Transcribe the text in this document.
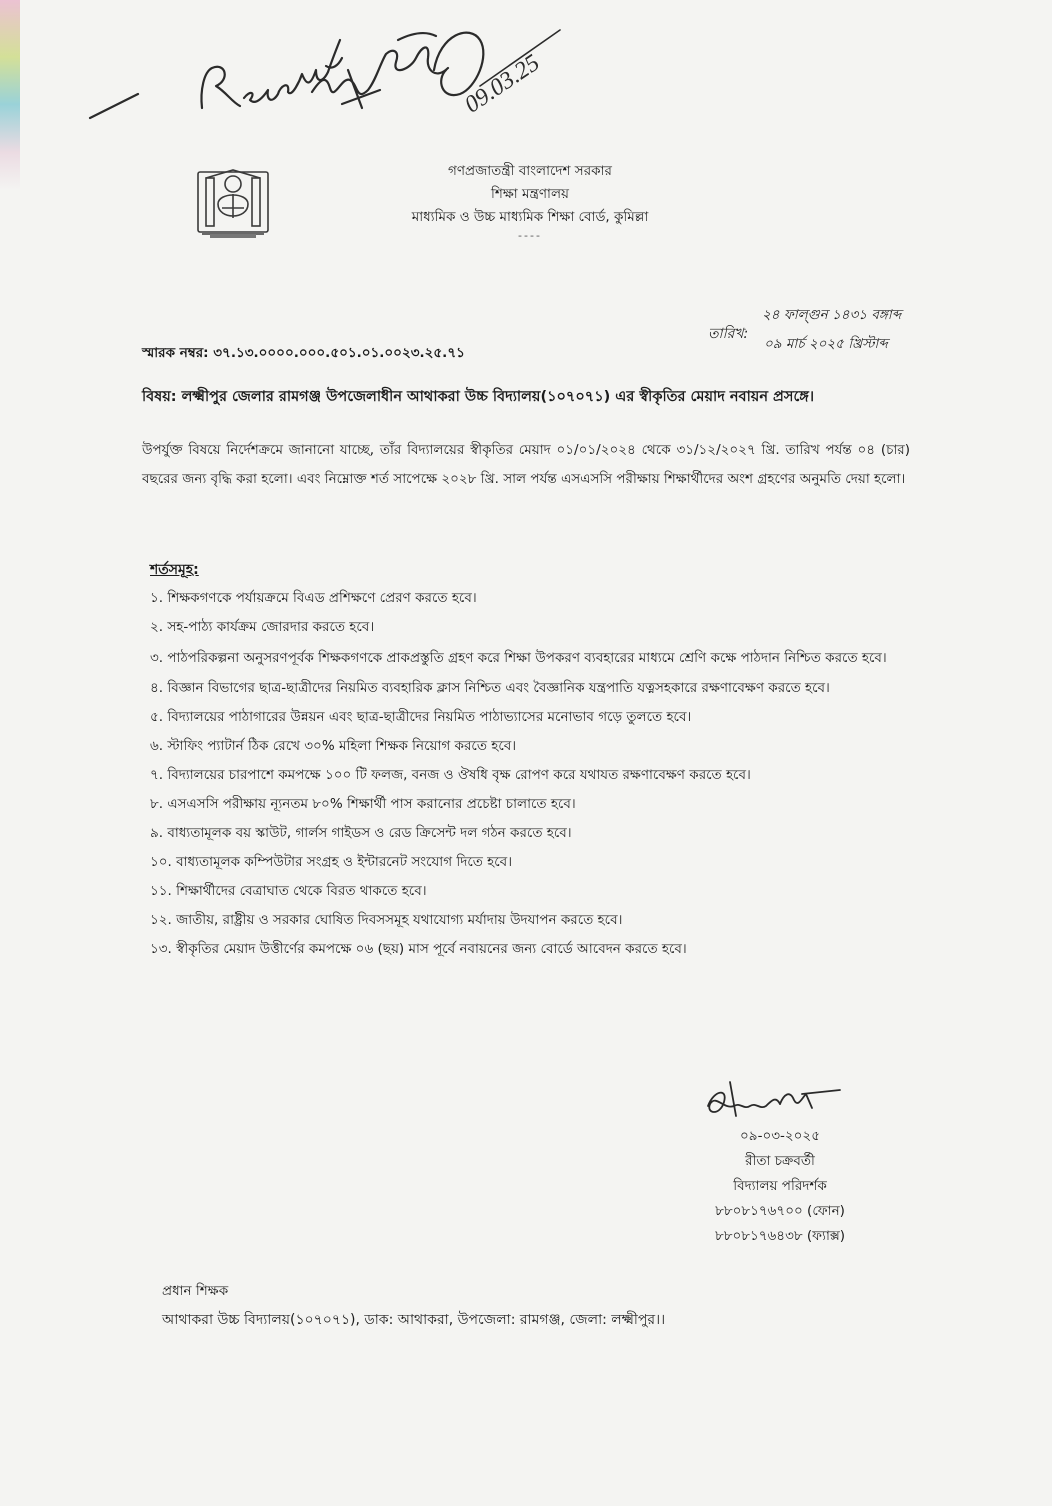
09.03.25
Received
গণপ্রজাতন্ত্রী বাংলাদেশ সরকার
শিক্ষা মন্ত্রণালয়
মাধ্যমিক ও উচ্চ মাধ্যমিক শিক্ষা বোর্ড, কুমিল্লা
----
২৪ ফাল্গুন ১৪৩১ বঙ্গাব্দ
তারিখ:
০৯ মার্চ ২০২৫ খ্রিস্টাব্দ
স্মারক নম্বর: ৩৭.১৩.০০০০.০০০.৫০১.০১.০০২৩.২৫.৭১
বিষয়: লক্ষ্মীপুর জেলার রামগঞ্জ উপজেলাধীন আথাকরা উচ্চ বিদ্যালয়(১০৭০৭১) এর স্বীকৃতির মেয়াদ নবায়ন প্রসঙ্গে।
উপর্যুক্ত বিষয়ে নির্দেশক্রমে জানানো যাচ্ছে, তাঁর বিদ্যালয়ের স্বীকৃতির মেয়াদ ০১/০১/২০২৪ থেকে ৩১/১২/২০২৭ খ্রি. তারিখ পর্যন্ত ০৪ (চার) বছরের জন্য বৃদ্ধি করা হলো। এবং নিম্নোক্ত শর্ত সাপেক্ষে ২০২৮ খ্রি. সাল পর্যন্ত এসএসসি পরীক্ষায় শিক্ষার্থীদের অংশ গ্রহণের অনুমতি দেয়া হলো।
শর্তসমূহ:
১. শিক্ষকগণকে পর্যায়ক্রমে বিএড প্রশিক্ষণে প্রেরণ করতে হবে।
২. সহ-পাঠ্য কার্যক্রম জোরদার করতে হবে।
৩. পাঠপরিকল্পনা অনুসরণপূর্বক শিক্ষকগণকে প্রাকপ্রস্তুতি গ্রহণ করে শিক্ষা উপকরণ ব্যবহারের মাধ্যমে শ্রেণি কক্ষে পাঠদান নিশ্চিত করতে হবে।
৪. বিজ্ঞান বিভাগের ছাত্র-ছাত্রীদের নিয়মিত ব্যবহারিক ক্লাস নিশ্চিত এবং বৈজ্ঞানিক যন্ত্রপাতি যত্নসহকারে রক্ষণাবেক্ষণ করতে হবে।
৫. বিদ্যালয়ের পাঠাগারের উন্নয়ন এবং ছাত্র-ছাত্রীদের নিয়মিত পাঠাভ্যাসের মনোভাব গড়ে তুলতে হবে।
৬. স্টাফিং প্যাটার্ন ঠিক রেখে ৩০% মহিলা শিক্ষক নিয়োগ করতে হবে।
৭. বিদ্যালয়ের চারপাশে কমপক্ষে ১০০ টি ফলজ, বনজ ও ঔষধি বৃক্ষ রোপণ করে যথাযত রক্ষণাবেক্ষণ করতে হবে।
৮. এসএসসি পরীক্ষায় ন্যূনতম ৮০% শিক্ষার্থী পাস করানোর প্রচেষ্টা চালাতে হবে।
৯. বাধ্যতামূলক বয় স্কাউট, গার্লস গাইডস ও রেড ক্রিসেন্ট দল গঠন করতে হবে।
১০. বাধ্যতামূলক কম্পিউটার সংগ্রহ ও ইন্টারনেট সংযোগ দিতে হবে।
১১. শিক্ষার্থীদের বেত্রাঘাত থেকে বিরত থাকতে হবে।
১২. জাতীয়, রাষ্ট্রীয় ও সরকার ঘোষিত দিবসসমূহ যথাযোগ্য মর্যাদায় উদযাপন করতে হবে।
১৩. স্বীকৃতির মেয়াদ উত্তীর্ণের কমপক্ষে ০৬ (ছয়) মাস পূর্বে নবায়নের জন্য বোর্ডে আবেদন করতে হবে।
০৯-০৩-২০২৫
রীতা চক্রবর্তী
বিদ্যালয় পরিদর্শক
৮৮০৮১৭৬৭০০ (ফোন)
৮৮০৮১৭৬৪৩৮ (ফ্যাক্স)
প্রধান শিক্ষক
আথাকরা উচ্চ বিদ্যালয়(১০৭০৭১), ডাক: আথাকরা, উপজেলা: রামগঞ্জ, জেলা: লক্ষ্মীপুর।।
